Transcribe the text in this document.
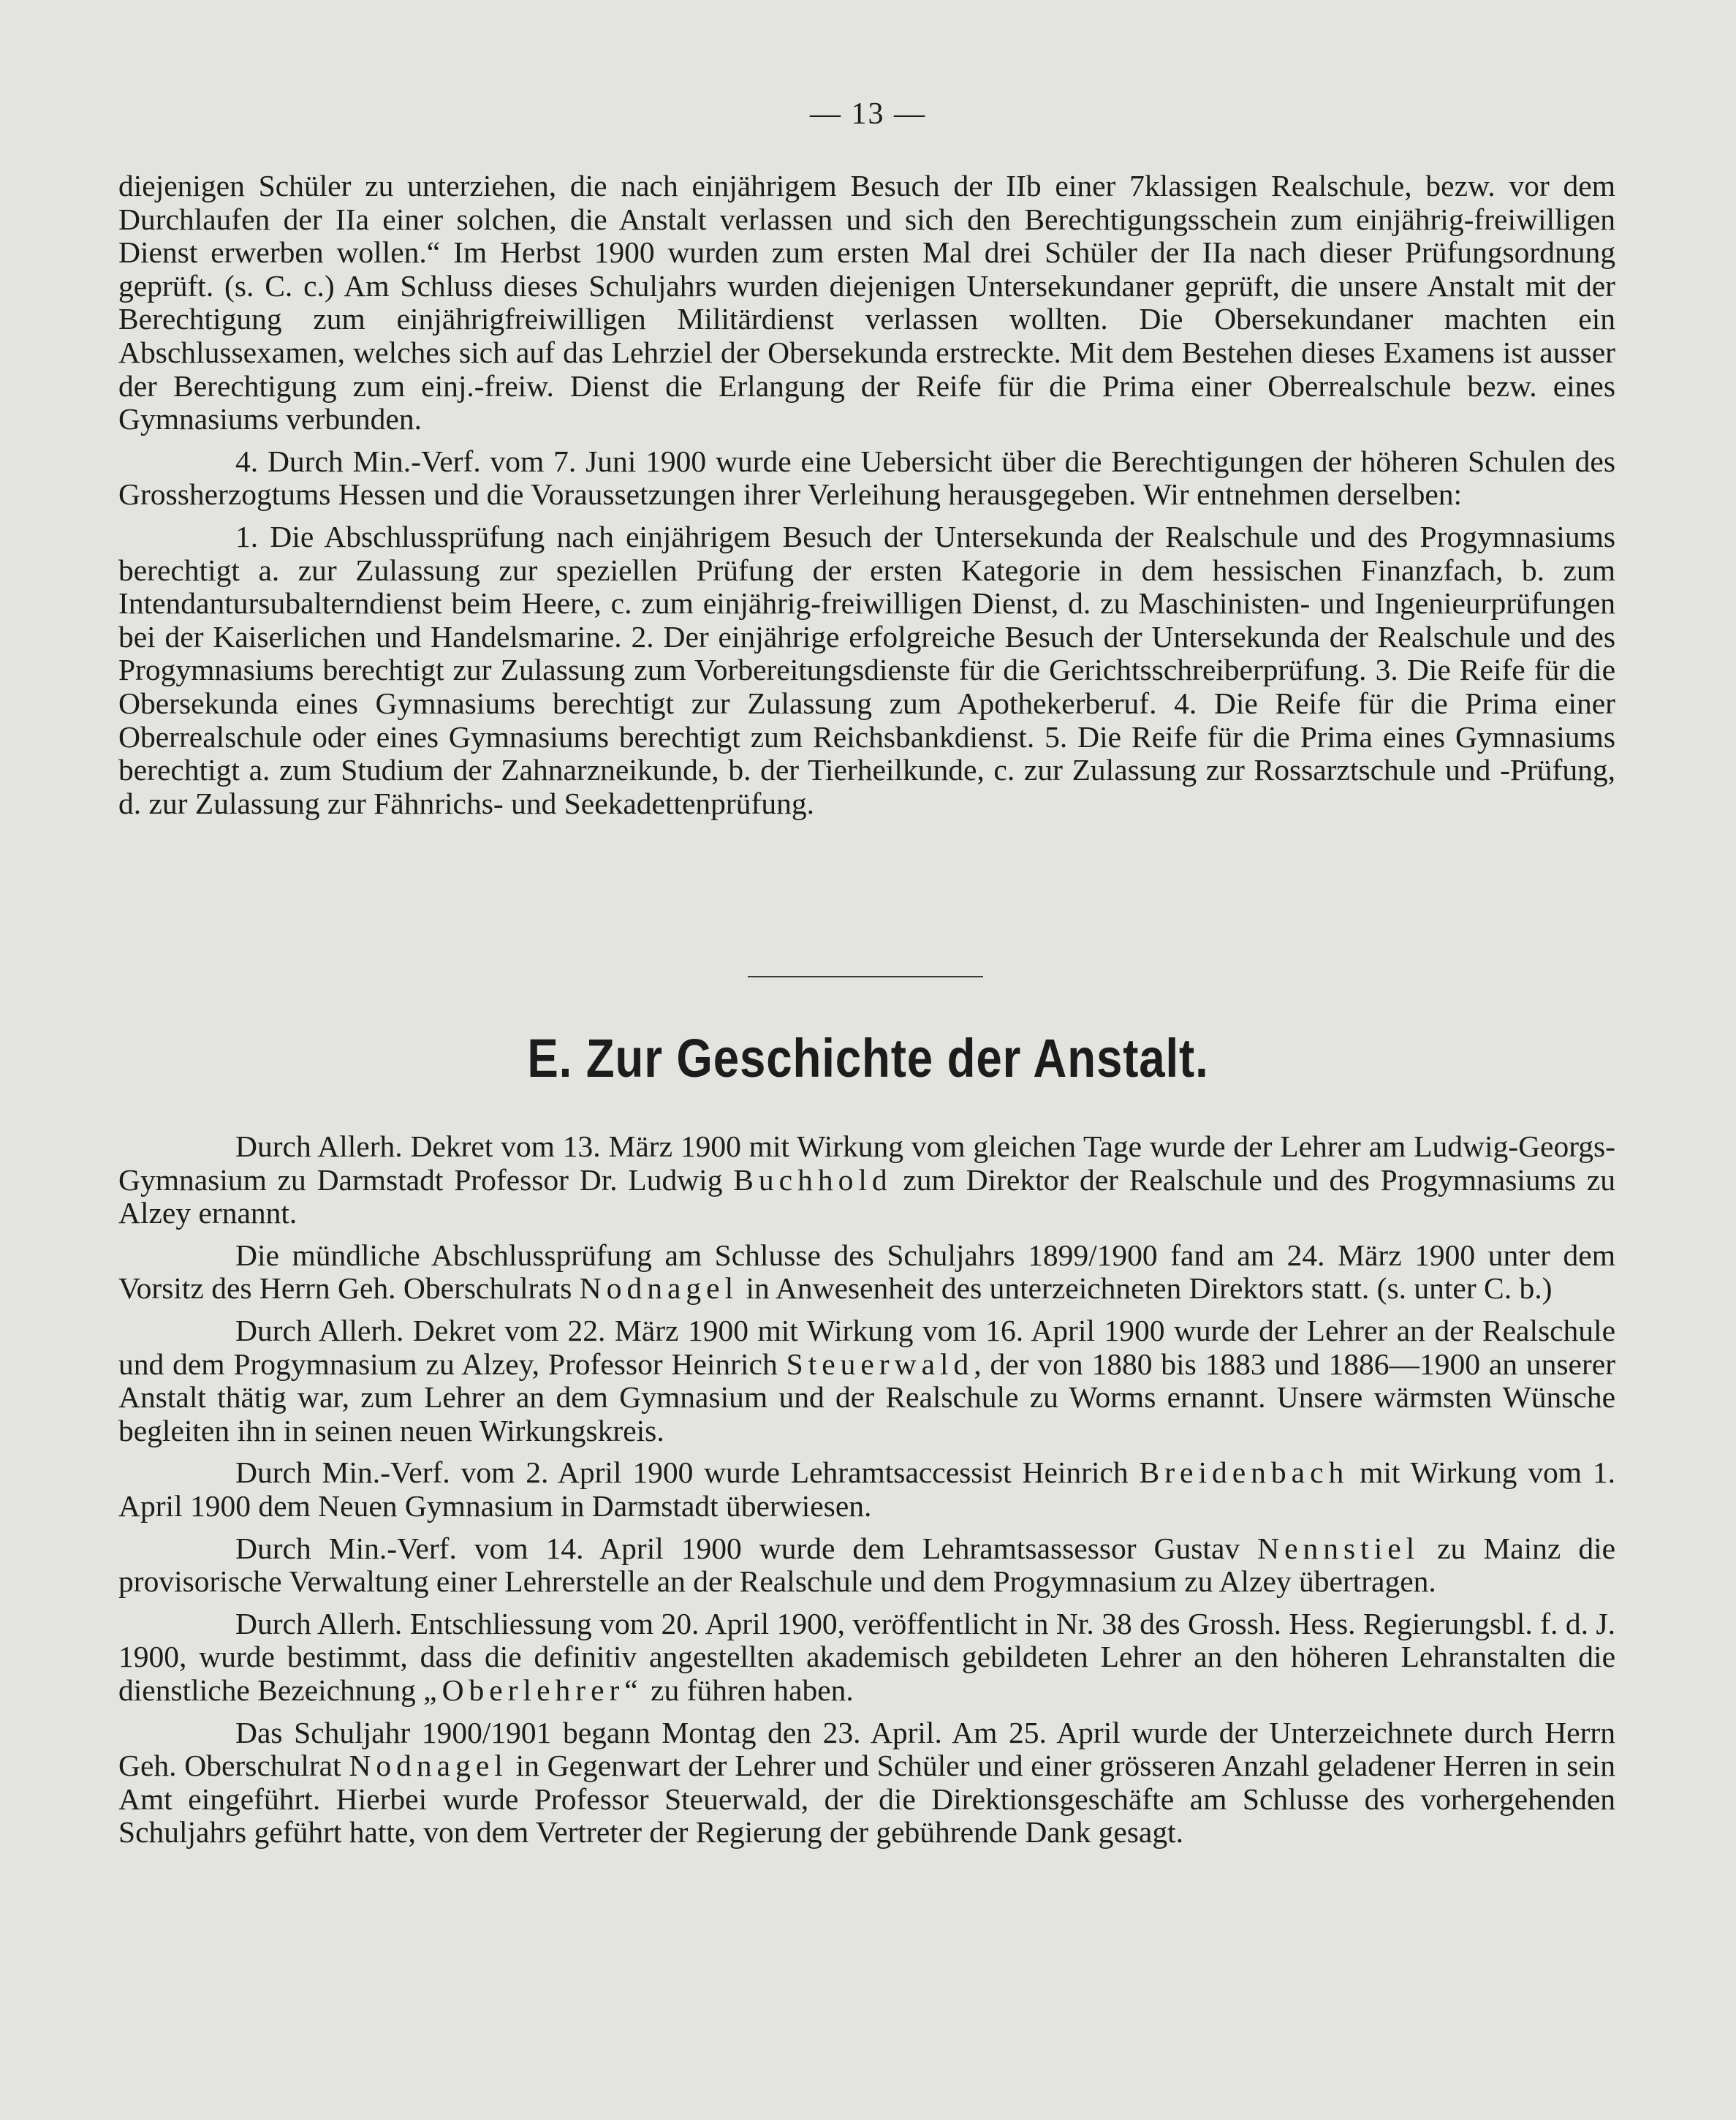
— 13 —

diejenigen Schüler zu unterziehen, die nach einjährigem Besuch der IIb einer 7klassigen Realschule, bezw. vor dem Durchlaufen der IIa einer solchen, die Anstalt verlassen und sich den Berechtigungsschein zum einjährig-freiwilligen Dienst erwerben wollen.“ Im Herbst 1900 wurden zum ersten Mal drei Schüler der IIa nach dieser Prüfungsordnung geprüft. (s. C. c.) Am Schluss dieses Schuljahrs wurden diejenigen Untersekundaner geprüft, die unsere Anstalt mit der Berechtigung zum einjährigfreiwilligen Militärdienst verlassen wollten. Die Obersekundaner machten ein Abschlussexamen, welches sich auf das Lehrziel der Obersekunda erstreckte. Mit dem Bestehen dieses Examens ist ausser der Berechtigung zum einj.-freiw. Dienst die Erlangung der Reife für die Prima einer Oberrealschule bezw. eines Gymnasiums verbunden.

4. Durch Min.-Verf. vom 7. Juni 1900 wurde eine Uebersicht über die Berechtigungen der höheren Schulen des Grossherzogtums Hessen und die Voraussetzungen ihrer Verleihung herausgegeben. Wir entnehmen derselben:

1. Die Abschlussprüfung nach einjährigem Besuch der Untersekunda der Realschule und des Progymnasiums berechtigt a. zur Zulassung zur speziellen Prüfung der ersten Kategorie in dem hessischen Finanzfach, b. zum Intendantursubalterndienst beim Heere, c. zum einjährig-freiwilligen Dienst, d. zu Maschinisten- und Ingenieurprüfungen bei der Kaiserlichen und Handelsmarine. 2. Der einjährige erfolgreiche Besuch der Untersekunda der Realschule und des Progymnasiums berechtigt zur Zulassung zum Vorbereitungsdienste für die Gerichtsschreiberprüfung. 3. Die Reife für die Obersekunda eines Gymnasiums berechtigt zur Zulassung zum Apothekerberuf. 4. Die Reife für die Prima einer Oberrealschule oder eines Gymnasiums berechtigt zum Reichsbankdienst. 5. Die Reife für die Prima eines Gymnasiums berechtigt a. zum Studium der Zahnarzneikunde, b. der Tierheilkunde, c. zur Zulassung zur Rossarztschule und -Prüfung, d. zur Zulassung zur Fähnrichs- und Seekadettenprüfung.

E. Zur Geschichte der Anstalt.

Durch Allerh. Dekret vom 13. März 1900 mit Wirkung vom gleichen Tage wurde der Lehrer am Ludwig-Georgs-Gymnasium zu Darmstadt Professor Dr. Ludwig Buchhold zum Direktor der Realschule und des Progymnasiums zu Alzey ernannt.

Die mündliche Abschlussprüfung am Schlusse des Schuljahrs 1899/1900 fand am 24. März 1900 unter dem Vorsitz des Herrn Geh. Oberschulrats Nodnagel in Anwesenheit des unterzeichneten Direktors statt. (s. unter C. b.)

Durch Allerh. Dekret vom 22. März 1900 mit Wirkung vom 16. April 1900 wurde der Lehrer an der Realschule und dem Progymnasium zu Alzey, Professor Heinrich Steuerwald, der von 1880 bis 1883 und 1886—1900 an unserer Anstalt thätig war, zum Lehrer an dem Gymnasium und der Realschule zu Worms ernannt. Unsere wärmsten Wünsche begleiten ihn in seinen neuen Wirkungskreis.

Durch Min.-Verf. vom 2. April 1900 wurde Lehramtsaccessist Heinrich Breidenbach mit Wirkung vom 1. April 1900 dem Neuen Gymnasium in Darmstadt überwiesen.

Durch Min.-Verf. vom 14. April 1900 wurde dem Lehramtsassessor Gustav Nennstiel zu Mainz die provisorische Verwaltung einer Lehrerstelle an der Realschule und dem Progymnasium zu Alzey übertragen.

Durch Allerh. Entschliessung vom 20. April 1900, veröffentlicht in Nr. 38 des Grossh. Hess. Regierungsbl. f. d. J. 1900, wurde bestimmt, dass die definitiv angestellten akademisch gebildeten Lehrer an den höheren Lehranstalten die dienstliche Bezeichnung „Oberlehrer“ zu führen haben.

Das Schuljahr 1900/1901 begann Montag den 23. April. Am 25. April wurde der Unterzeichnete durch Herrn Geh. Oberschulrat Nodnagel in Gegenwart der Lehrer und Schüler und einer grösseren Anzahl geladener Herren in sein Amt eingeführt. Hierbei wurde Professor Steuerwald, der die Direktionsgeschäfte am Schlusse des vorhergehenden Schuljahrs geführt hatte, von dem Vertreter der Regierung der gebührende Dank gesagt.
